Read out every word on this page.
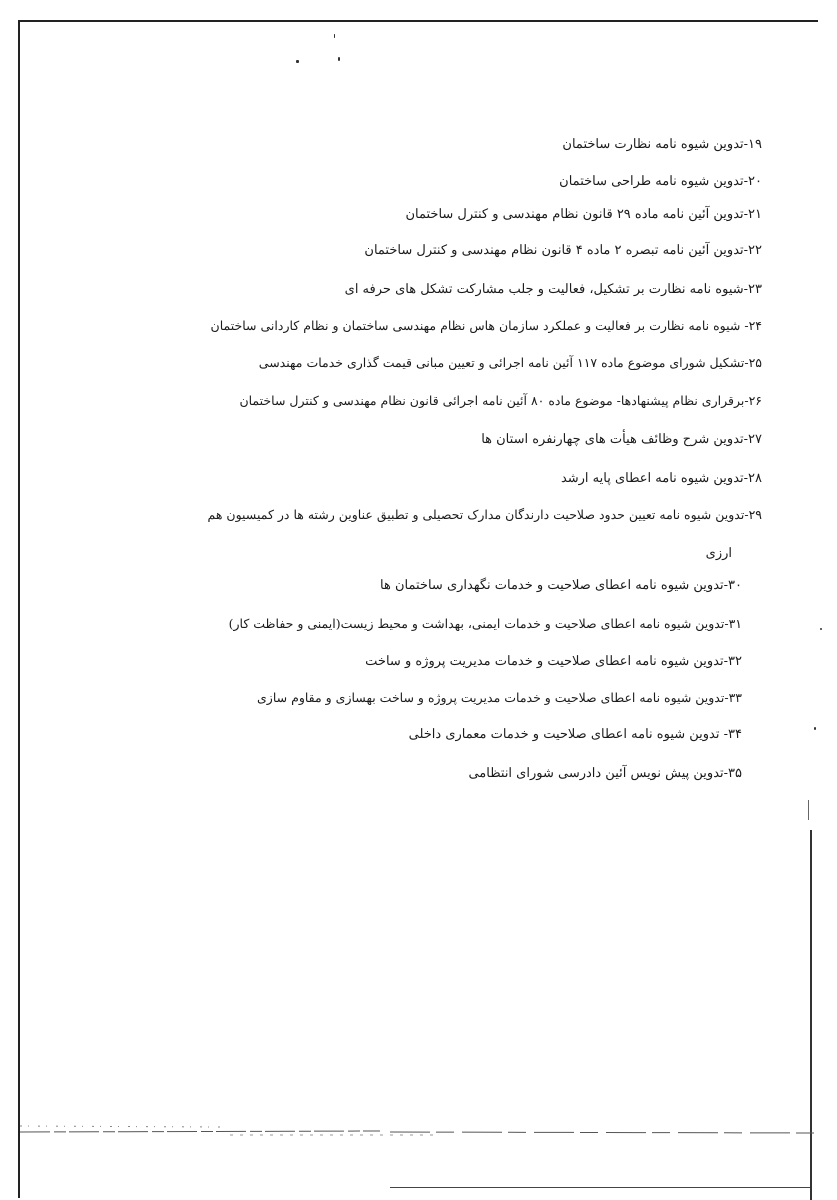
۱۹-تدوین شیوه نامه نظارت ساختمان
۲۰-تدوین شیوه نامه طراحی ساختمان
۲۱-تدوین آئین نامه ماده ۲۹ قانون نظام مهندسی و کنترل ساختمان
۲۲-تدوین آئین نامه تبصره ۲ ماده ۴ قانون نظام مهندسی و کنترل ساختمان
۲۳-شیوه نامه نظارت بر تشکیل، فعالیت و جلب مشارکت تشکل های حرفه ای
۲۴- شیوه نامه نظارت بر فعالیت و عملکرد سازمان هاس نظام مهندسی ساختمان و نظام کاردانی ساختمان
۲۵-تشکیل شورای موضوع ماده ۱۱۷ آئین نامه اجرائی و تعیین مبانی قیمت گذاری خدمات مهندسی
۲۶-برقراری نظام پیشنهادها- موضوع ماده ۸۰ آئین نامه اجرائی قانون نظام مهندسی و کنترل ساختمان
۲۷-تدوین شرح وظائف هیأت های چهارنفره استان ها
۲۸-تدوین شیوه نامه اعطای پایه ارشد
۲۹-تدوین شیوه نامه تعیین حدود صلاحیت دارندگان مدارک تحصیلی و تطبیق عناوین رشته ها در کمیسیون هم
ارزی
۳۰-تدوین شیوه نامه اعطای صلاحیت و خدمات نگهداری ساختمان ها
۳۱-تدوین شیوه نامه اعطای صلاحیت و خدمات ایمنی، بهداشت و محیط زیست(ایمنی و حفاظت کار)
۳۲-تدوین شیوه نامه اعطای صلاحیت و خدمات مدیریت پروژه و ساخت
۳۳-تدوین شیوه نامه اعطای صلاحیت و خدمات مدیریت پروژه و ساخت بهسازی و مقاوم سازی
۳۴- تدوین شیوه نامه اعطای صلاحیت و خدمات معماری داخلی
۳۵-تدوین پیش نویس آئین دادرسی شورای انتظامی
